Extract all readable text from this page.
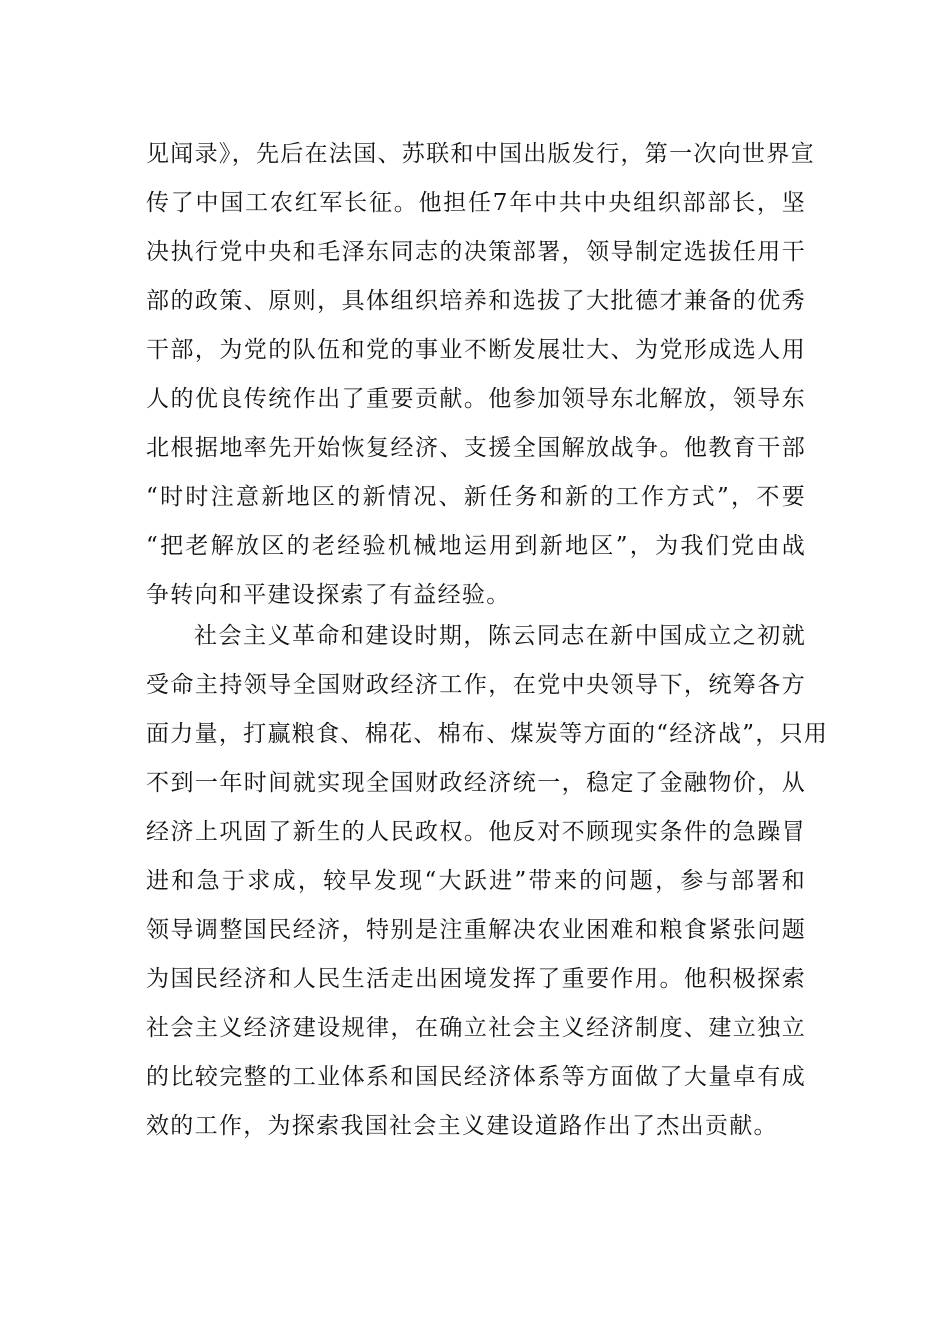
见闻录》，先后在法国、苏联和中国出版发行，第一次向世界宣
传了中国工农红军长征。他担任7年中共中央组织部部长，坚
决执行党中央和毛泽东同志的决策部署，领导制定选拔任用干
部的政策、原则，具体组织培养和选拔了大批德才兼备的优秀
干部，为党的队伍和党的事业不断发展壮大、为党形成选人用
人的优良传统作出了重要贡献。他参加领导东北解放，领导东
北根据地率先开始恢复经济、支援全国解放战争。他教育干部
“时时注意新地区的新情况、新任务和新的工作方式”，不要
“把老解放区的老经验机械地运用到新地区”，为我们党由战
争转向和平建设探索了有益经验。
社会主义革命和建设时期，陈云同志在新中国成立之初就
受命主持领导全国财政经济工作，在党中央领导下，统筹各方
面力量，打赢粮食、棉花、棉布、煤炭等方面的“经济战”，只用
不到一年时间就实现全国财政经济统一，稳定了金融物价，从
经济上巩固了新生的人民政权。他反对不顾现实条件的急躁冒
进和急于求成，较早发现“大跃进”带来的问题，参与部署和
领导调整国民经济，特别是注重解决农业困难和粮食紧张问题
为国民经济和人民生活走出困境发挥了重要作用。他积极探索
社会主义经济建设规律，在确立社会主义经济制度、建立独立
的比较完整的工业体系和国民经济体系等方面做了大量卓有成
效的工作，为探索我国社会主义建设道路作出了杰出贡献。
